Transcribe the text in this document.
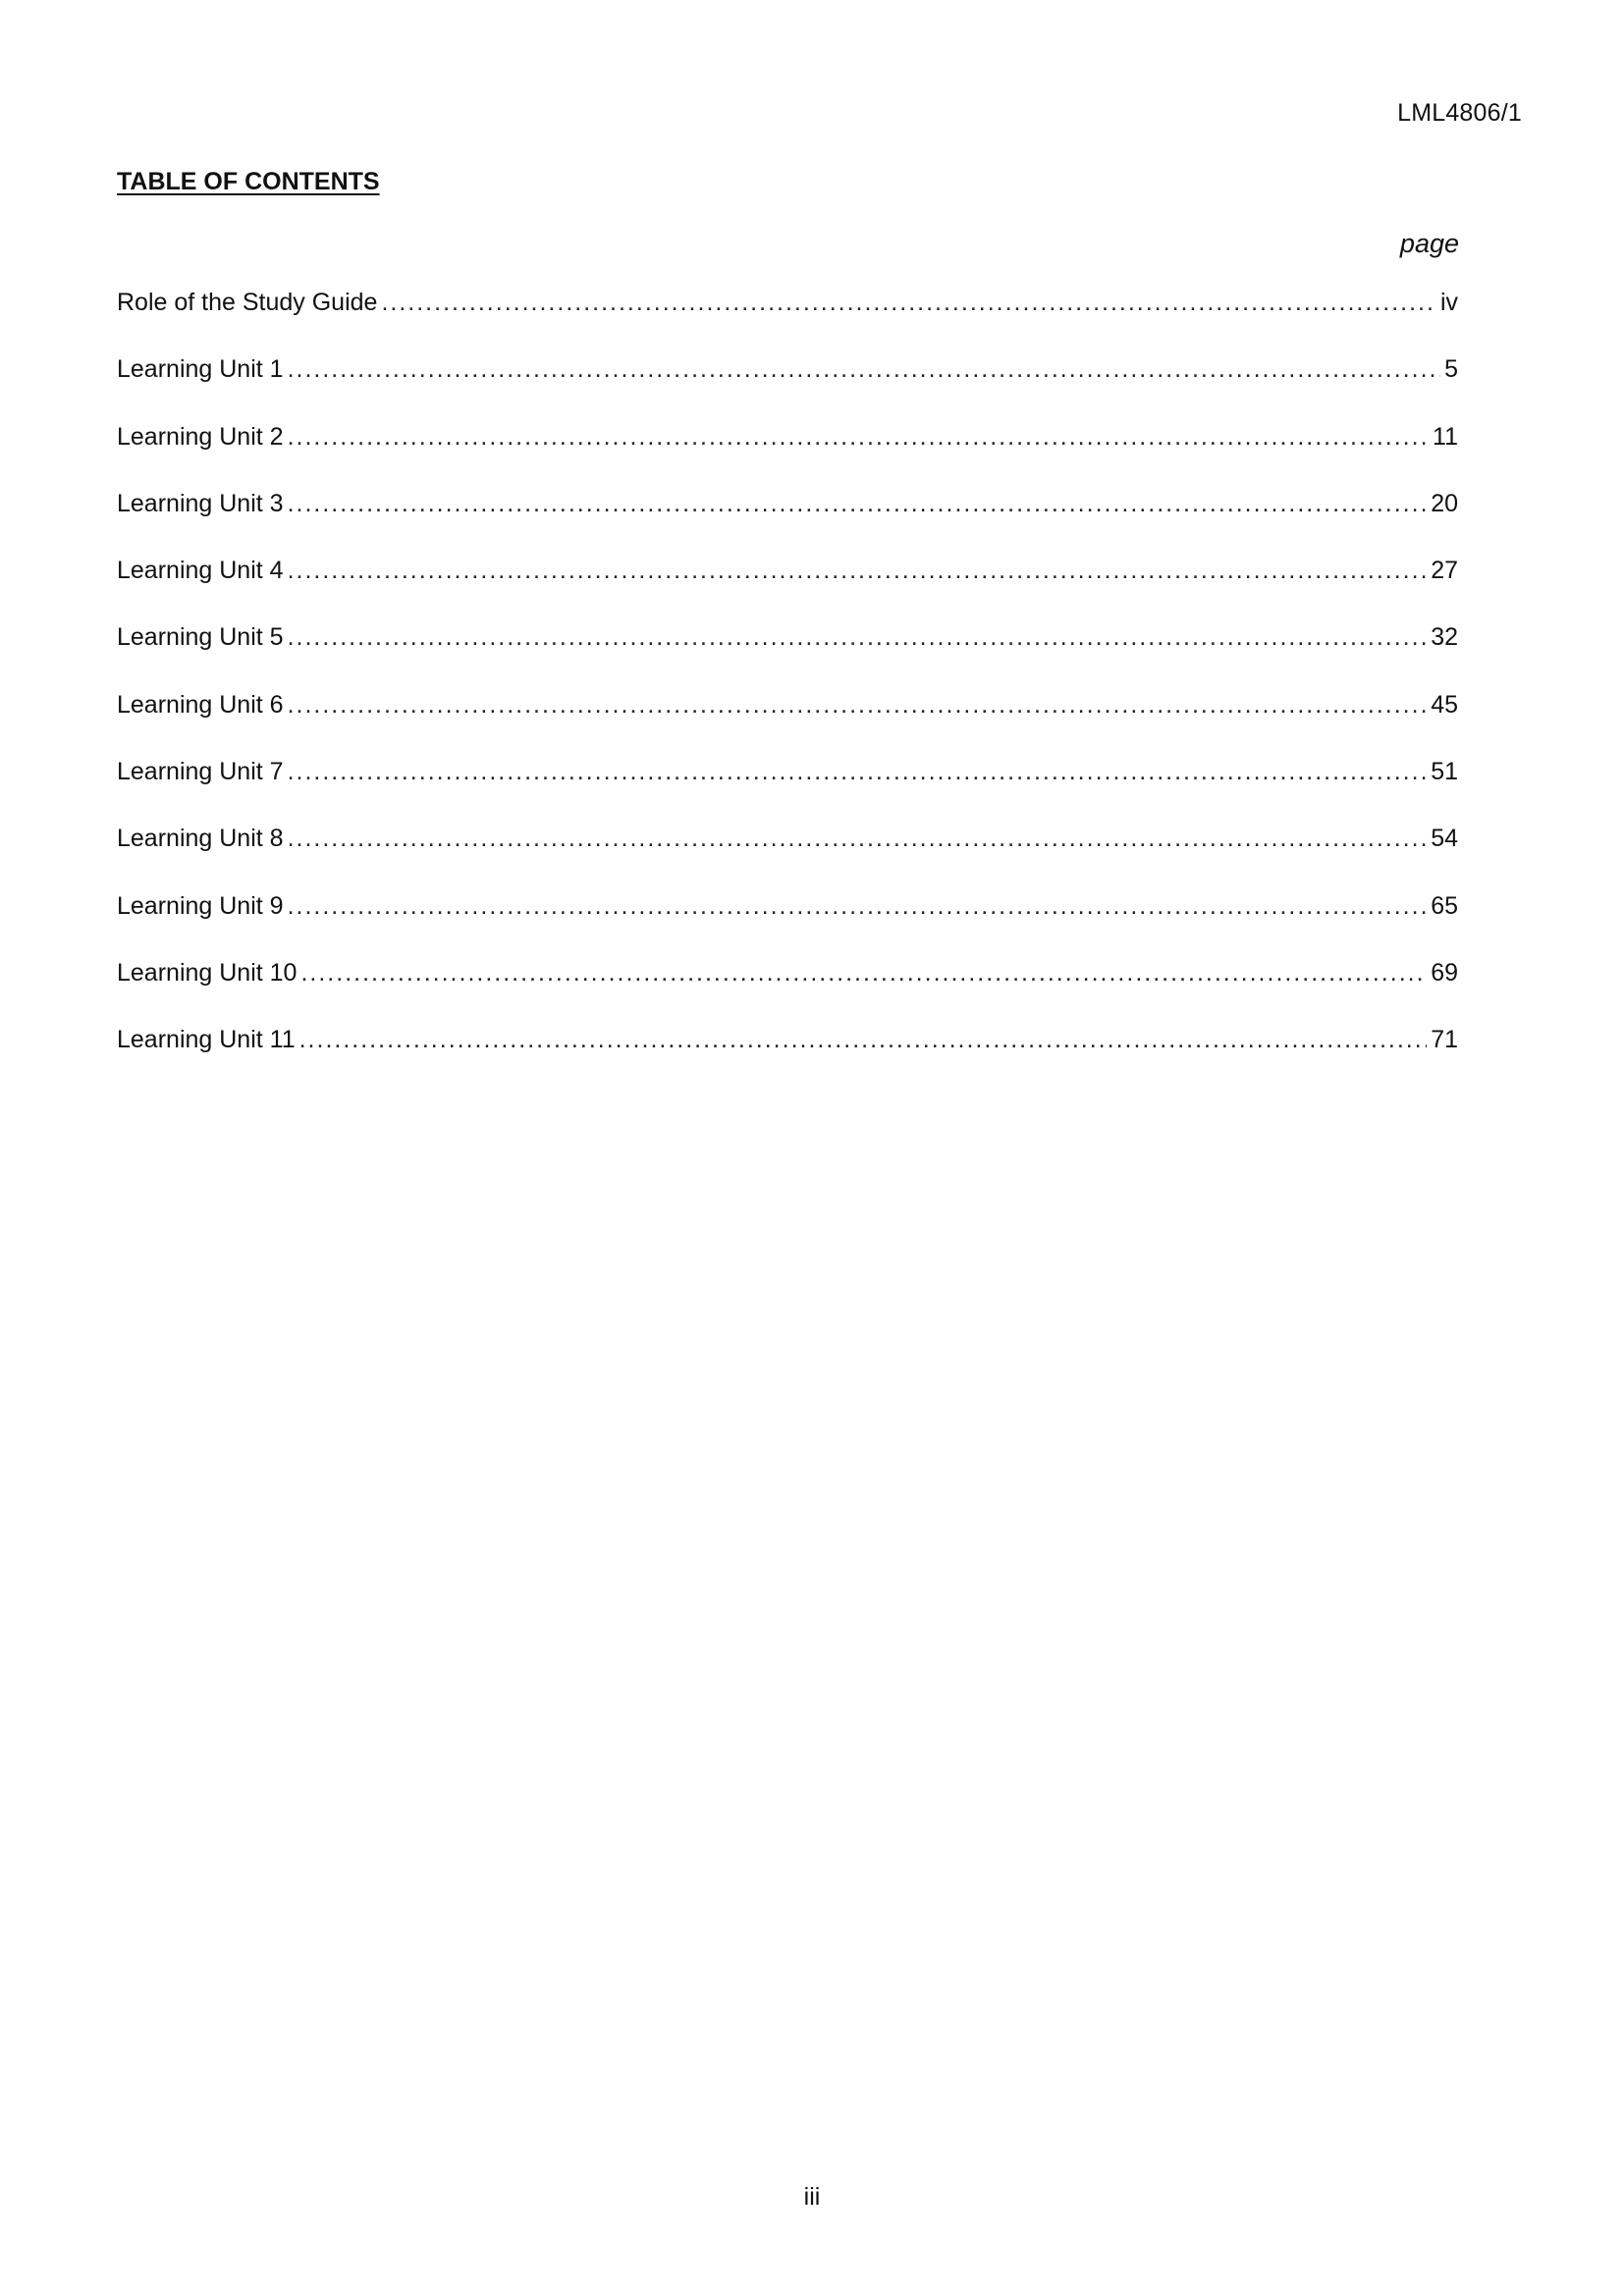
LML4806/1
TABLE OF CONTENTS
page
Role of the Study Guide .....	iv
Learning Unit 1 .....	5
Learning Unit 2 .....	11
Learning Unit 3 .....	20
Learning Unit 4 .....	27
Learning Unit 5 .....	32
Learning Unit 6 .....	45
Learning Unit 7 .....	51
Learning Unit 8 .....	54
Learning Unit 9 .....	65
Learning Unit 10 .....	69
Learning Unit 11 .....	71
iii
